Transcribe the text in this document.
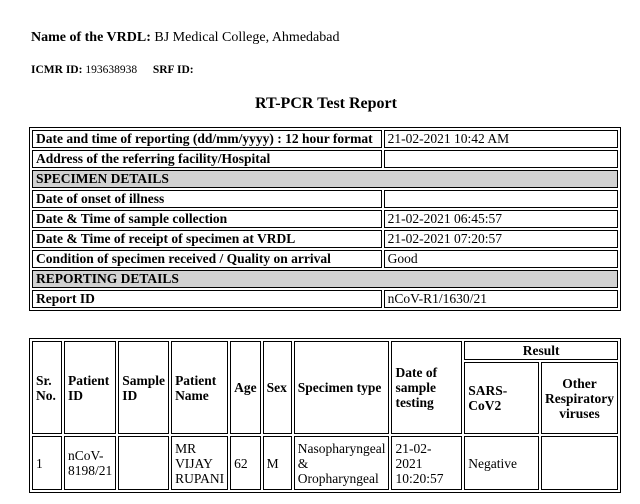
Name of the VRDL: BJ Medical College, Ahmedabad
ICMR ID: 193638938 SRF ID:
RT-PCR Test Report
Date and time of reporting (dd/mm/yyyy) : 12 hour format	21-02-2021 10:42 AM
Address of the referring facility/Hospital	
SPECIMEN DETAILS	
Date of onset of illness	
Date & Time of sample collection	21-02-2021 06:45:57
Date & Time of receipt of specimen at VRDL	21-02-2021 07:20:57
Condition of specimen received / Quality on arrival	Good
REPORTING DETAILS	
Report ID	nCoV-R1/1630/21
Sr. No.	Patient ID	Sample ID	Patient Name	Age	Sex	Specimen type	Date of sample testing	Result	
								SARS-CoV2	Other Respiratory viruses
1	nCoV-8198/21		MR VIJAY RUPANI	62	M	Nasopharyngeal & Oropharyngeal	21-02-2021 10:20:57	Negative	
